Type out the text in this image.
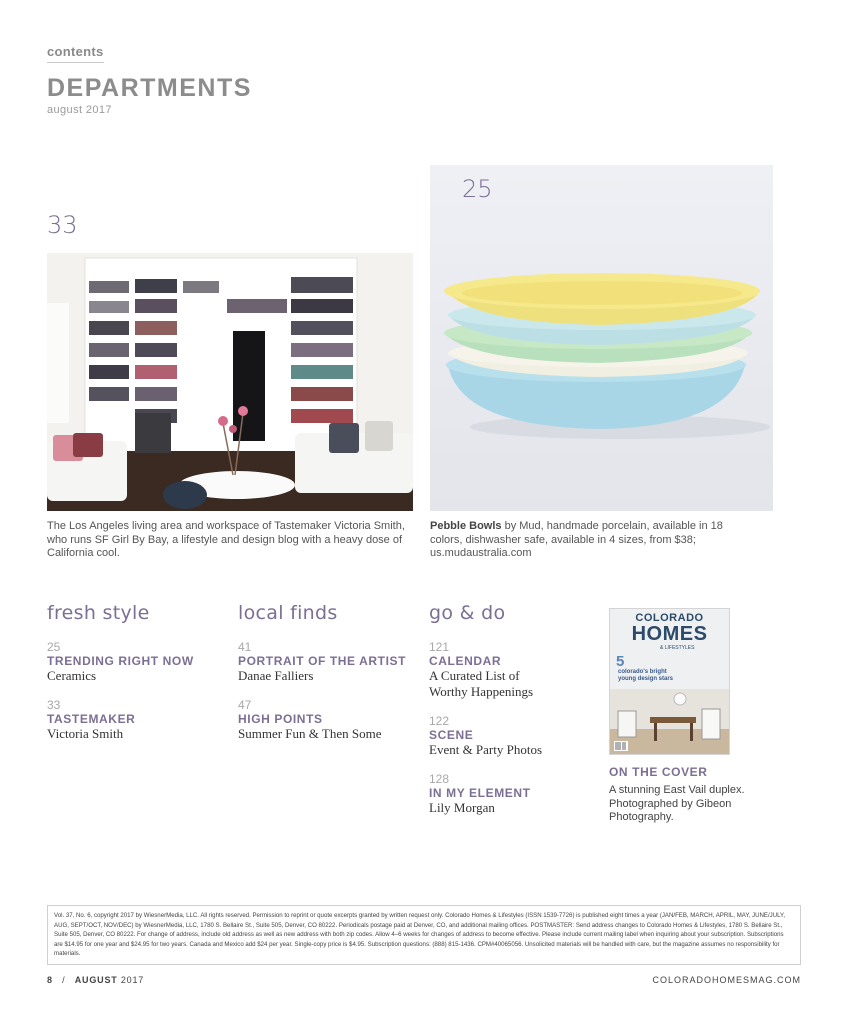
contents
DEPARTMENTS
august 2017
25
33
The Los Angeles living area and workspace of Tastemaker Victoria Smith, who runs SF Girl By Bay, a lifestyle and design blog with a heavy dose of California cool.
Pebble Bowls by Mud, handmade porcelain, available in 18 colors, dishwasher safe, available in 4 sizes, from $38; us.mudaustralia.com
fresh style
25
TRENDING RIGHT NOW
Ceramics
33
TASTEMAKER
Victoria Smith
local finds
41
PORTRAIT OF THE ARTIST
Danae Falliers
47
HIGH POINTS
Summer Fun & Then Some
go & do
121
CALENDAR
A Curated List of Worthy Happenings
122
SCENE
Event & Party Photos
128
IN MY ELEMENT
Lily Morgan
COLORADO
HOMES
& LIFESTYLES
5
colorado's bright young design stars
ON THE COVER
A stunning East Vail duplex. Photographed by Gibeon Photography.
Vol. 37, No. 6, copyright 2017 by WiesnerMedia, LLC. All rights reserved. Permission to reprint or quote excerpts granted by written request only. Colorado Homes & Lifestyles (ISSN 1539-7726) is published eight times a year (JAN/FEB, MARCH, APRIL, MAY, JUNE/JULY, AUG, SEPT/OCT, NOV/DEC) by WiesnerMedia, LLC, 1780 S. Bellaire St., Suite 505, Denver, CO 80222. Periodicals postage paid at Denver, CO, and additional mailing offices. POSTMASTER: Send address changes to Colorado Homes & Lifestyles, 1780 S. Bellaire St., Suite 505, Denver, CO 80222. For change of address, include old address as well as new address with both zip codes. Allow 4–6 weeks for changes of address to become effective. Please include current mailing label when inquiring about your subscription. Subscriptions are $14.95 for one year and $24.95 for two years. Canada and Mexico add $24 per year. Single-copy price is $4.95. Subscription questions: (888) 815-1436. CPM#40065056. Unsolicited materials will be handled with care, but the magazine assumes no responsibility for materials.
8 / AUGUST 2017	COLORADOHOMESMAG.COM
